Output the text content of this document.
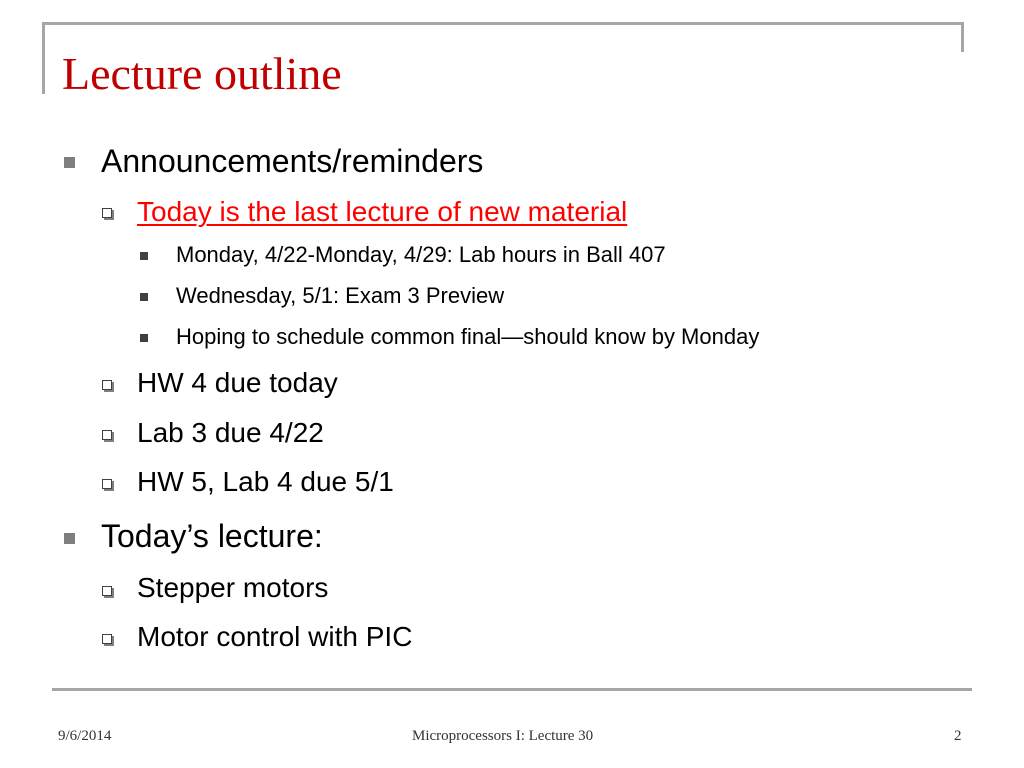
Lecture outline
Announcements/reminders
Today is the last lecture of new material
Monday, 4/22-Monday, 4/29: Lab hours in Ball 407
Wednesday, 5/1: Exam 3 Preview
Hoping to schedule common final—should know by Monday
HW 4 due today
Lab 3 due 4/22
HW 5, Lab 4 due 5/1
Today’s lecture:
Stepper motors
Motor control with PIC
9/6/2014	Microprocessors I: Lecture 30	2
